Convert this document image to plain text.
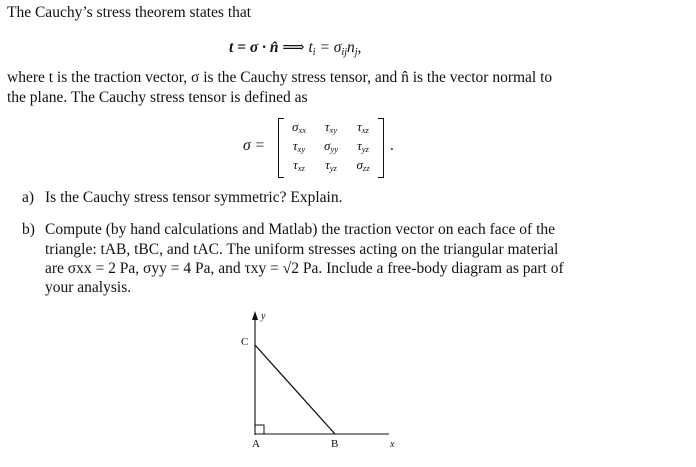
The Cauchy’s stress theorem states that
t = σ · n̂ ⟹ $t_i = \sigma_{ij}n_j$,
where t is the traction vector, σ is the Cauchy stress tensor, and n̂ is the vector normal to
the plane. The Cauchy stress tensor is defined as
σ =
σxx	τxy	τxz
τxy	σyy	τyz
τxz	τyz	σzz
.
a) Is the Cauchy stress tensor symmetric? Explain.
b) Compute (by hand calculations and Matlab) the traction vector on each face of the
triangle: tAB, tBC, and tAC. The uniform stresses acting on the triangular material
are σxx = 2 Pa, σyy = 4 Pa, and τxy = √2 Pa. Include a free-body diagram as part of
your analysis.
y
C
A	B	x
